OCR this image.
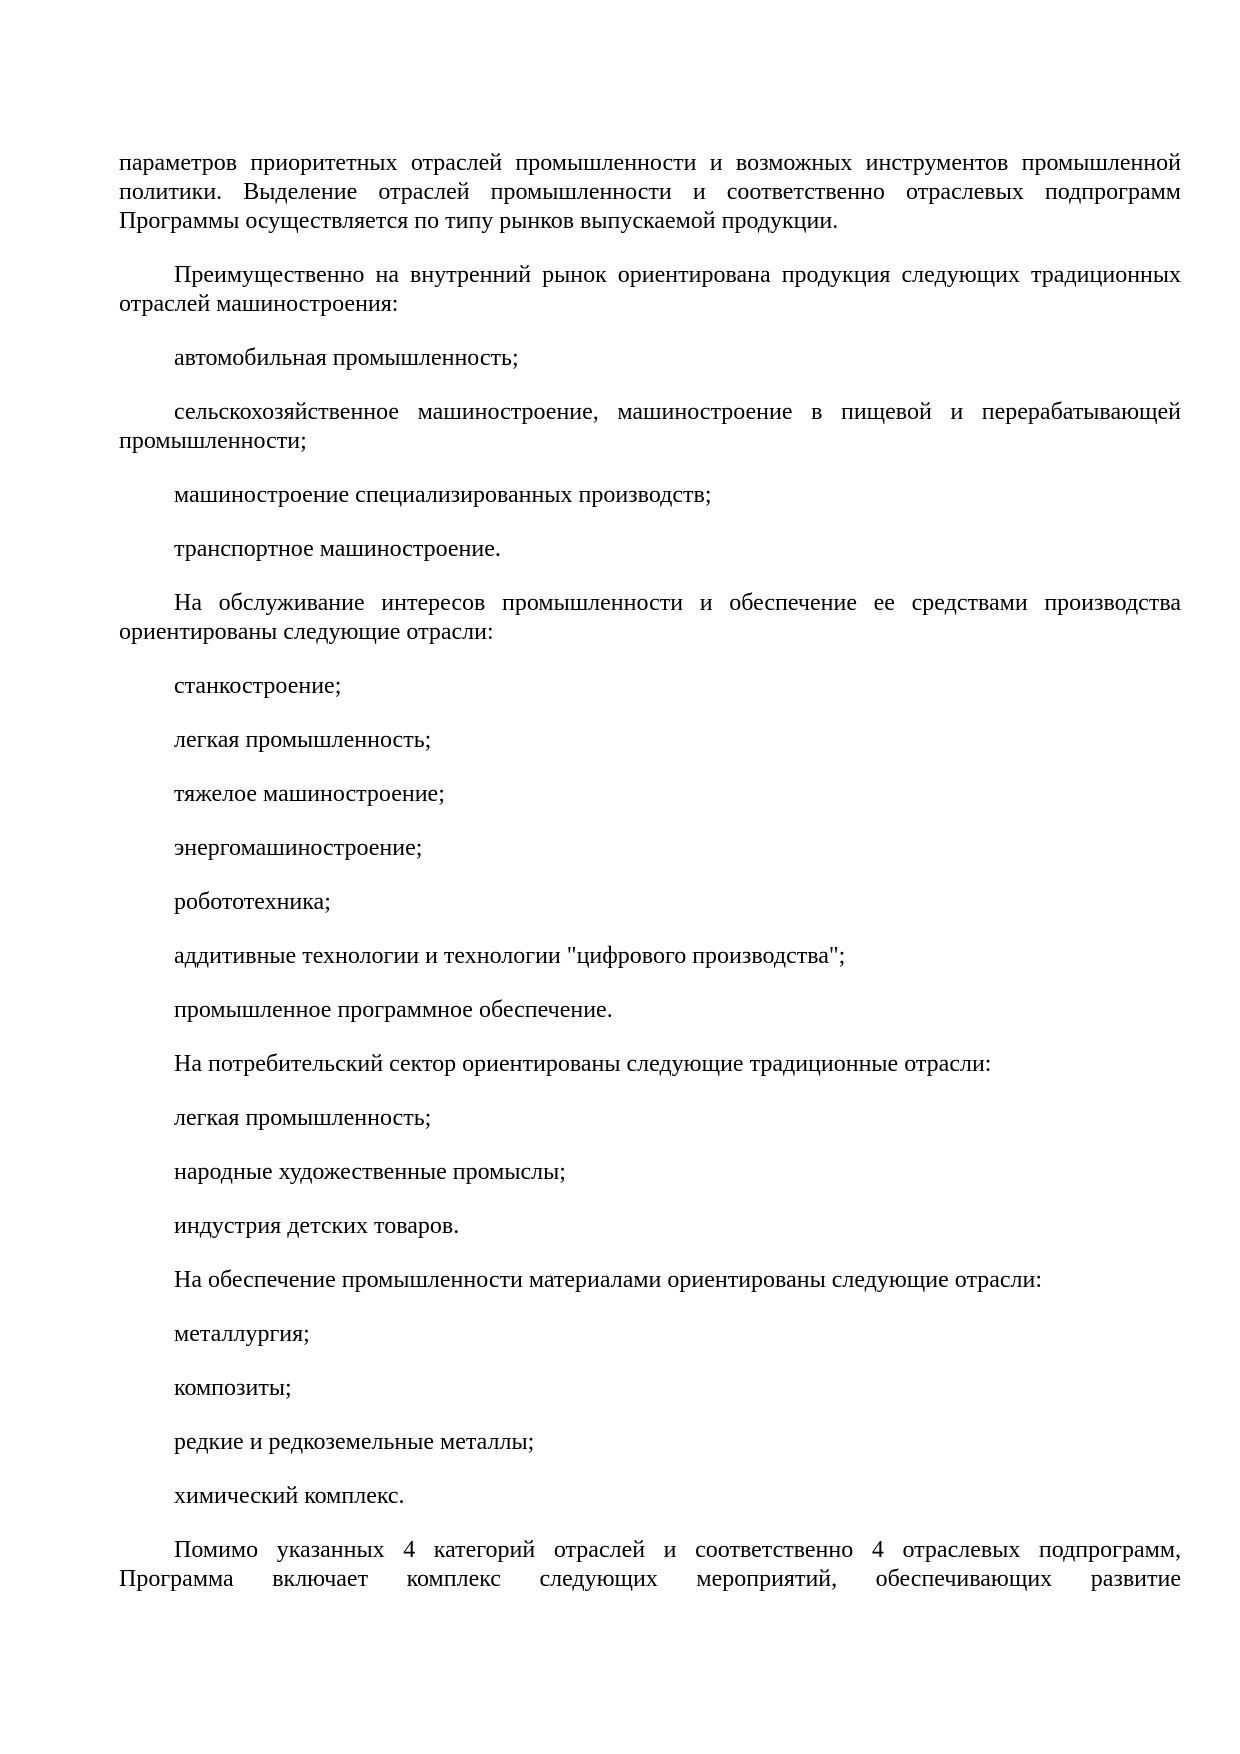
параметров приоритетных отраслей промышленности и возможных инструментов промышленной политики. Выделение отраслей промышленности и соответственно отраслевых подпрограмм Программы осуществляется по типу рынков выпускаемой продукции.

Преимущественно на внутренний рынок ориентирована продукция следующих традиционных отраслей машиностроения:

автомобильная промышленность;

сельскохозяйственное машиностроение, машиностроение в пищевой и перерабатывающей промышленности;

машиностроение специализированных производств;

транспортное машиностроение.

На обслуживание интересов промышленности и обеспечение ее средствами производства ориентированы следующие отрасли:

станкостроение;

легкая промышленность;

тяжелое машиностроение;

энергомашиностроение;

робототехника;

аддитивные технологии и технологии "цифрового производства";

промышленное программное обеспечение.

На потребительский сектор ориентированы следующие традиционные отрасли:

легкая промышленность;

народные художественные промыслы;

индустрия детских товаров.

На обеспечение промышленности материалами ориентированы следующие отрасли:

металлургия;

композиты;

редкие и редкоземельные металлы;

химический комплекс.

Помимо указанных 4 категорий отраслей и соответственно 4 отраслевых подпрограмм, Программа включает комплекс следующих мероприятий, обеспечивающих развитие
